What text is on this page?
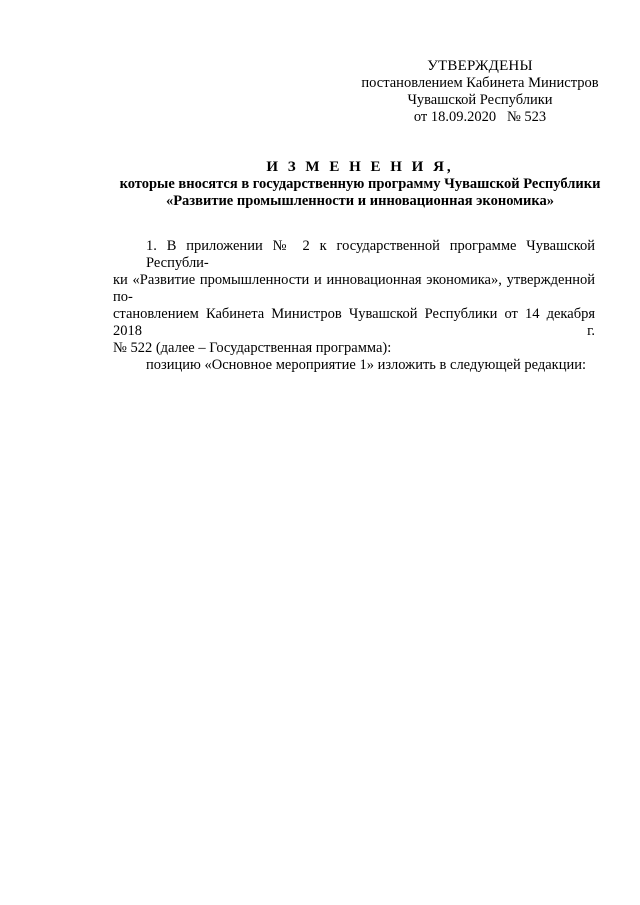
УТВЕРЖДЕНЫ
постановлением Кабинета Министров
Чувашской Республики
от 18.09.2020   № 523
И З М Е Н Е Н И Я,
которые вносятся в государственную программу Чувашской Республики
«Развитие промышленности и инновационная экономика»
1. В приложении № 2 к государственной программе Чувашской Республи-
ки «Развитие промышленности и инновационная экономика», утвержденной по-
становлением Кабинета Министров Чувашской Республики от 14 декабря 2018 г.
№ 522 (далее – Государственная программа):
позицию «Основное мероприятие 1» изложить в следующей редакции:
